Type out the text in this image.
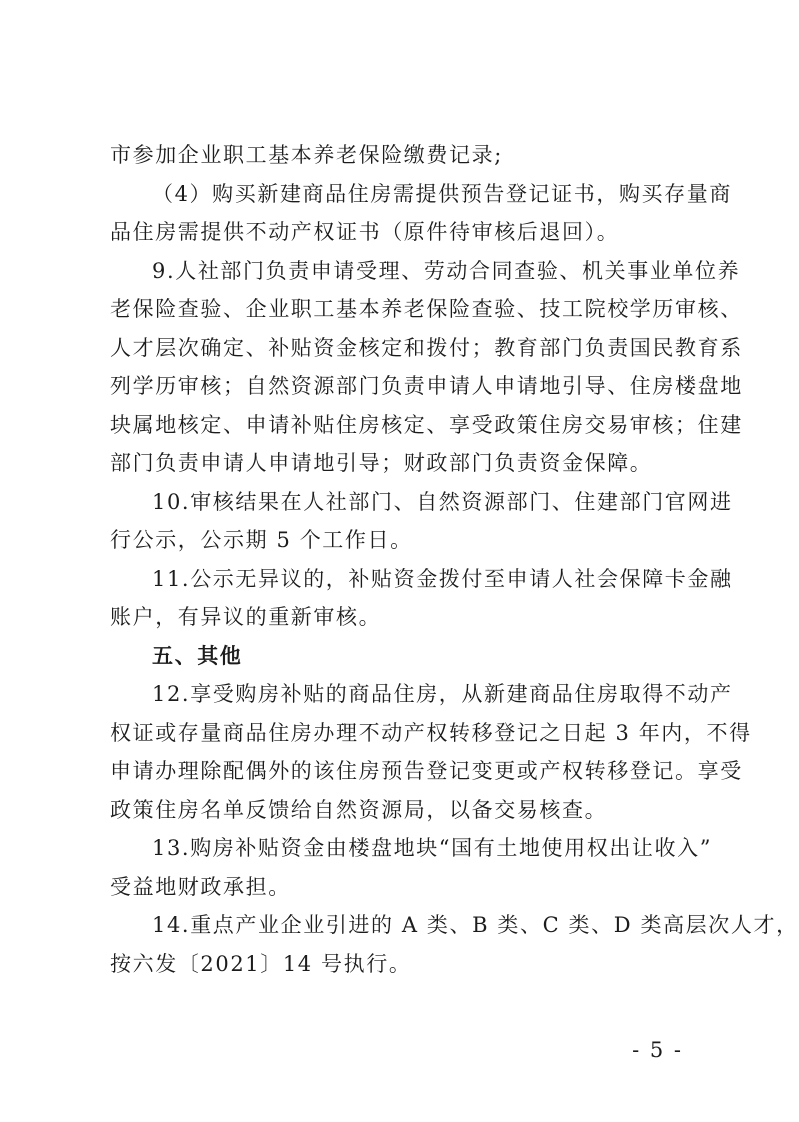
市参加企业职工基本养老保险缴费记录;
（4）购买新建商品住房需提供预告登记证书，购买存量商
品住房需提供不动产权证书（原件待审核后退回）。
9.人社部门负责申请受理、劳动合同查验、机关事业单位养
老保险查验、企业职工基本养老保险查验、技工院校学历审核、
人才层次确定、补贴资金核定和拨付；教育部门负责国民教育系
列学历审核；自然资源部门负责申请人申请地引导、住房楼盘地
块属地核定、申请补贴住房核定、享受政策住房交易审核；住建
部门负责申请人申请地引导；财政部门负责资金保障。
10.审核结果在人社部门、自然资源部门、住建部门官网进
行公示，公示期 5 个工作日。
11.公示无异议的，补贴资金拨付至申请人社会保障卡金融
账户，有异议的重新审核。
五、其他
12.享受购房补贴的商品住房，从新建商品住房取得不动产
权证或存量商品住房办理不动产权转移登记之日起 3 年内，不得
申请办理除配偶外的该住房预告登记变更或产权转移登记。享受
政策住房名单反馈给自然资源局，以备交易核查。
13.购房补贴资金由楼盘地块“国有土地使用权出让收入”
受益地财政承担。
14.重点产业企业引进的 A 类、B 类、C 类、D 类高层次人才，
按六发〔2021〕14 号执行。
- 5 -
